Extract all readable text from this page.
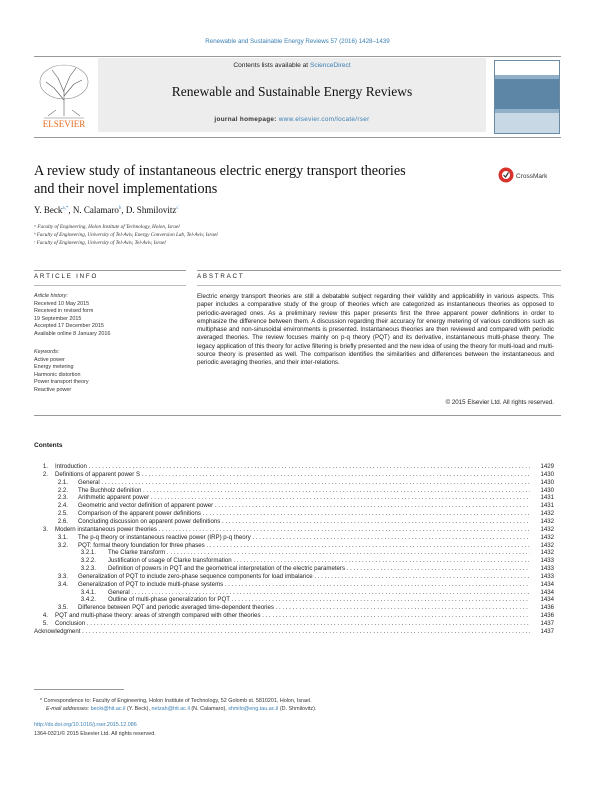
Renewable and Sustainable Energy Reviews 57 (2016) 1428–1439
ELSEVIER
Contents lists available at ScienceDirect
Renewable and Sustainable Energy Reviews
journal homepage: www.elsevier.com/locate/rser
A review study of instantaneous electric energy transport theories
and their novel implementations
CrossMark
Y. Beck$^{a,*}$, N. Calamaro$^b$, D. Shmilovitz$^c$
ᵃ Faculty of Engineering, Holon Institute of Technology, Holon, Israel
ᵇ Faculty of Engineering, University of Tel-Aviv, Energy Conversion Lab, Tel-Aviv, Israel
ᶜ Faculty of Engineering, University of Tel-Aviv, Tel-Aviv, Israel
ARTICLE INFO	ABSTRACT
Article history:
Received 10 May 2015
Received in revised form
19 September 2015
Accepted 17 December 2015
Available online 8 January 2016
Keywords:
Active power
Energy metering
Harmonic distortion
Power transport theory
Reactive power
Electric energy transport theories are still a debatable subject regarding their validity and applicability in various aspects. This paper includes a comparative study of the group of theories which are categorized as instantaneous theories as opposed to periodic-averaged ones. As a preliminary review this paper presents first the three apparent power definitions in order to emphasize the difference between them. A discussion regarding their accuracy for energy metering of various conditions such as multiphase and non-sinusoidal environments is presented. Instantaneous theories are then reviewed and compared with periodic averaged theories. The review focuses mainly on p-q theory (PQT) and its derivative, instantaneous multi-phase theory. The legacy application of this theory for active filtering is briefly presented and the new idea of using the theory for multi-load and multi-source theory is presented as well. The comparison identifies the similarities and differences between the instantaneous and periodic averaging theories, and their inter-relations.
© 2015 Elsevier Ltd. All rights reserved.
Contents
1. Introduction . . .	1429
2. Definitions of apparent power S . . .	1430
2.1. General . . .	1430
2.2. The Buchholz definition . . .	1430
2.3. Arithmetic apparent power . . .	1431
2.4. Geometric and vector definition of apparent power . . .	1431
2.5. Comparison of the apparent power definitions . . .	1432
2.6. Concluding discussion on apparent power definitions . . .	1432
3. Modern instantaneous power theories . . .	1432
3.1. The p-q theory or instantaneous reactive power (IRP) p-q theory . . .	1432
3.2. PQT: formal theory foundation for three phases . . .	1432
3.2.1. The Clarke transform . . .	1432
3.2.2. Justification of usage of Clarke transformation . . .	1433
3.2.3. Definition of powers in PQT and the geometrical interpretation of the electric parameters . . .	1433
3.3. Generalization of PQT to include zero-phase sequence components for load imbalance . . .	1433
3.4. Generalization of PQT to include multi-phase systems . . .	1434
3.4.1. General . . .	1434
3.4.2. Outline of multi-phase generalization for PQT . . .	1434
3.5. Difference between PQT and periodic averaged time-dependent theories . . .	1436
4. PQT and multi-phase theory: areas of strength compared with other theories . . .	1436
5. Conclusion . . .	1437
Acknowledgment . . .	1437
* Correspondence to: Faculty of Engineering, Holon Institute of Technology, 52 Golomb st. 5810201, Holon, Israel.
E-mail addresses: becki@hit.ac.il (Y. Beck), netzah@hit.ac.il (N. Calamaro), shmilo@eng.tau.ac.il (D. Shmilovitz).
http://dx.doi.org/10.1016/j.rser.2015.12.086
1364-0321/© 2015 Elsevier Ltd. All rights reserved.
